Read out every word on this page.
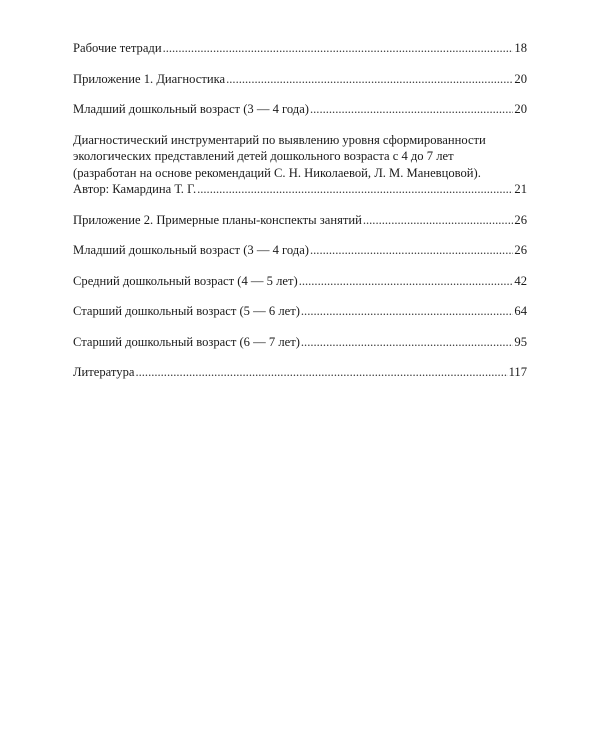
Рабочие тетради .....	18
Приложение 1. Диагностика .....	20
Младший дошкольный возраст (3 — 4 года) .....	20
Диагностический инструментарий по выявлению уровня сформированности
экологических представлений детей дошкольного возраста с 4 до 7 лет
(разработан на основе рекомендаций С. Н. Николаевой, Л. М. Маневцовой).
Автор: Камардина Т. Г. .....	21
Приложение 2. Примерные планы-конспекты занятий .....	26
Младший дошкольный возраст (3 — 4 года) .....	26
Средний дошкольный возраст (4 — 5 лет) .....	42
Старший дошкольный возраст (5 — 6 лет) .....	64
Старший дошкольный возраст (6 — 7 лет) .....	95
Литература .....	117
